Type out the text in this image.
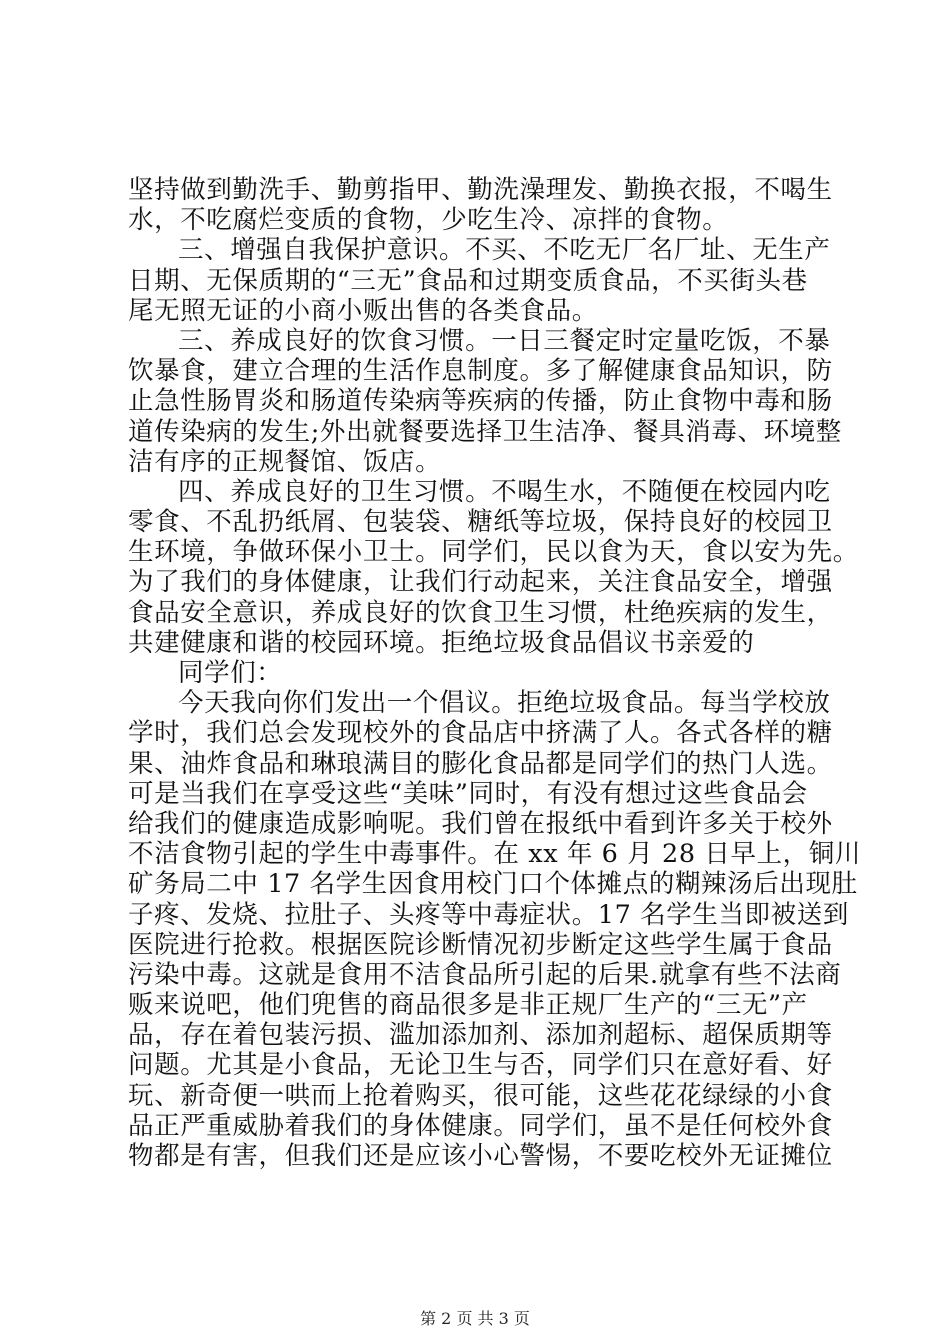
坚持做到勤洗手、勤剪指甲、勤洗澡理发、勤换衣报，不喝生
水，不吃腐烂变质的食物，少吃生冷、凉拌的食物。
三、增强自我保护意识。不买、不吃无厂名厂址、无生产
日期、无保质期的“三无”食品和过期变质食品，不买街头巷
尾无照无证的小商小贩出售的各类食品。
三、养成良好的饮食习惯。一日三餐定时定量吃饭，不暴
饮暴食，建立合理的生活作息制度。多了解健康食品知识，防
止急性肠胃炎和肠道传染病等疾病的传播，防止食物中毒和肠
道传染病的发生;外出就餐要选择卫生洁净、餐具消毒、环境整
洁有序的正规餐馆、饭店。
四、养成良好的卫生习惯。不喝生水，不随便在校园内吃
零食、不乱扔纸屑、包装袋、糖纸等垃圾，保持良好的校园卫
生环境，争做环保小卫士。同学们，民以食为天，食以安为先。
为了我们的身体健康，让我们行动起来，关注食品安全，增强
食品安全意识，养成良好的饮食卫生习惯，杜绝疾病的发生，
共建健康和谐的校园环境。拒绝垃圾食品倡议书亲爱的
同学们：
今天我向你们发出一个倡议。拒绝垃圾食品。每当学校放
学时，我们总会发现校外的食品店中挤满了人。各式各样的糖
果、油炸食品和琳琅满目的膨化食品都是同学们的热门人选。
可是当我们在享受这些“美味”同时，有没有想过这些食品会
给我们的健康造成影响呢。我们曾在报纸中看到许多关于校外
不洁食物引起的学生中毒事件。在 xx 年 6 月 28 日早上，铜川
矿务局二中 17 名学生因食用校门口个体摊点的糊辣汤后出现肚
子疼、发烧、拉肚子、头疼等中毒症状。17 名学生当即被送到
医院进行抢救。根据医院诊断情况初步断定这些学生属于食品
污染中毒。这就是食用不洁食品所引起的后果.就拿有些不法商
贩来说吧，他们兜售的商品很多是非正规厂生产的“三无”产
品，存在着包装污损、滥加添加剂、添加剂超标、超保质期等
问题。尤其是小食品，无论卫生与否，同学们只在意好看、好
玩、新奇便一哄而上抢着购买，很可能，这些花花绿绿的小食
品正严重威胁着我们的身体健康。同学们，虽不是任何校外食
物都是有害，但我们还是应该小心警惕，不要吃校外无证摊位
第 2 页 共 3 页
